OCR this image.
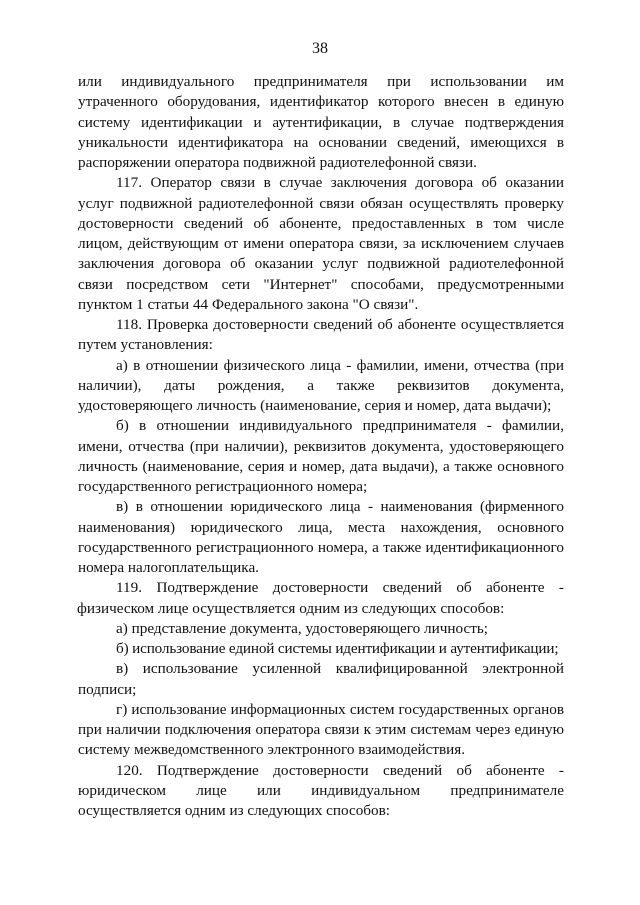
38

или индивидуального предпринимателя при использовании им утраченного оборудования, идентификатор которого внесен в единую систему идентификации и аутентификации, в случае подтверждения уникальности идентификатора на основании сведений, имеющихся в распоряжении оператора подвижной радиотелефонной связи.

117. Оператор связи в случае заключения договора об оказании услуг подвижной радиотелефонной связи обязан осуществлять проверку достоверности сведений об абоненте, предоставленных в том числе лицом, действующим от имени оператора связи, за исключением случаев заключения договора об оказании услуг подвижной радиотелефонной связи посредством сети "Интернет" способами, предусмотренными пунктом 1 статьи 44 Федерального закона "О связи".

118. Проверка достоверности сведений об абоненте осуществляется путем установления:

а) в отношении физического лица - фамилии, имени, отчества (при наличии), даты рождения, а также реквизитов документа, удостоверяющего личность (наименование, серия и номер, дата выдачи);

б) в отношении индивидуального предпринимателя - фамилии, имени, отчества (при наличии), реквизитов документа, удостоверяющего личность (наименование, серия и номер, дата выдачи), а также основного государственного регистрационного номера;

в) в отношении юридического лица - наименования (фирменного наименования) юридического лица, места нахождения, основного государственного регистрационного номера, а также идентификационного номера налогоплательщика.

119. Подтверждение достоверности сведений об абоненте -

физическом лице осуществляется одним из следующих способов:

а) представление документа, удостоверяющего личность;

б) использование единой системы идентификации и аутентификации;

в) использование усиленной квалифицированной электронной подписи;

г) использование информационных систем государственных органов при наличии подключения оператора связи к этим системам через единую систему межведомственного электронного взаимодействия.

120. Подтверждение достоверности сведений об абоненте - юридическом лице или индивидуальном предпринимателе осуществляется одним из следующих способов:
